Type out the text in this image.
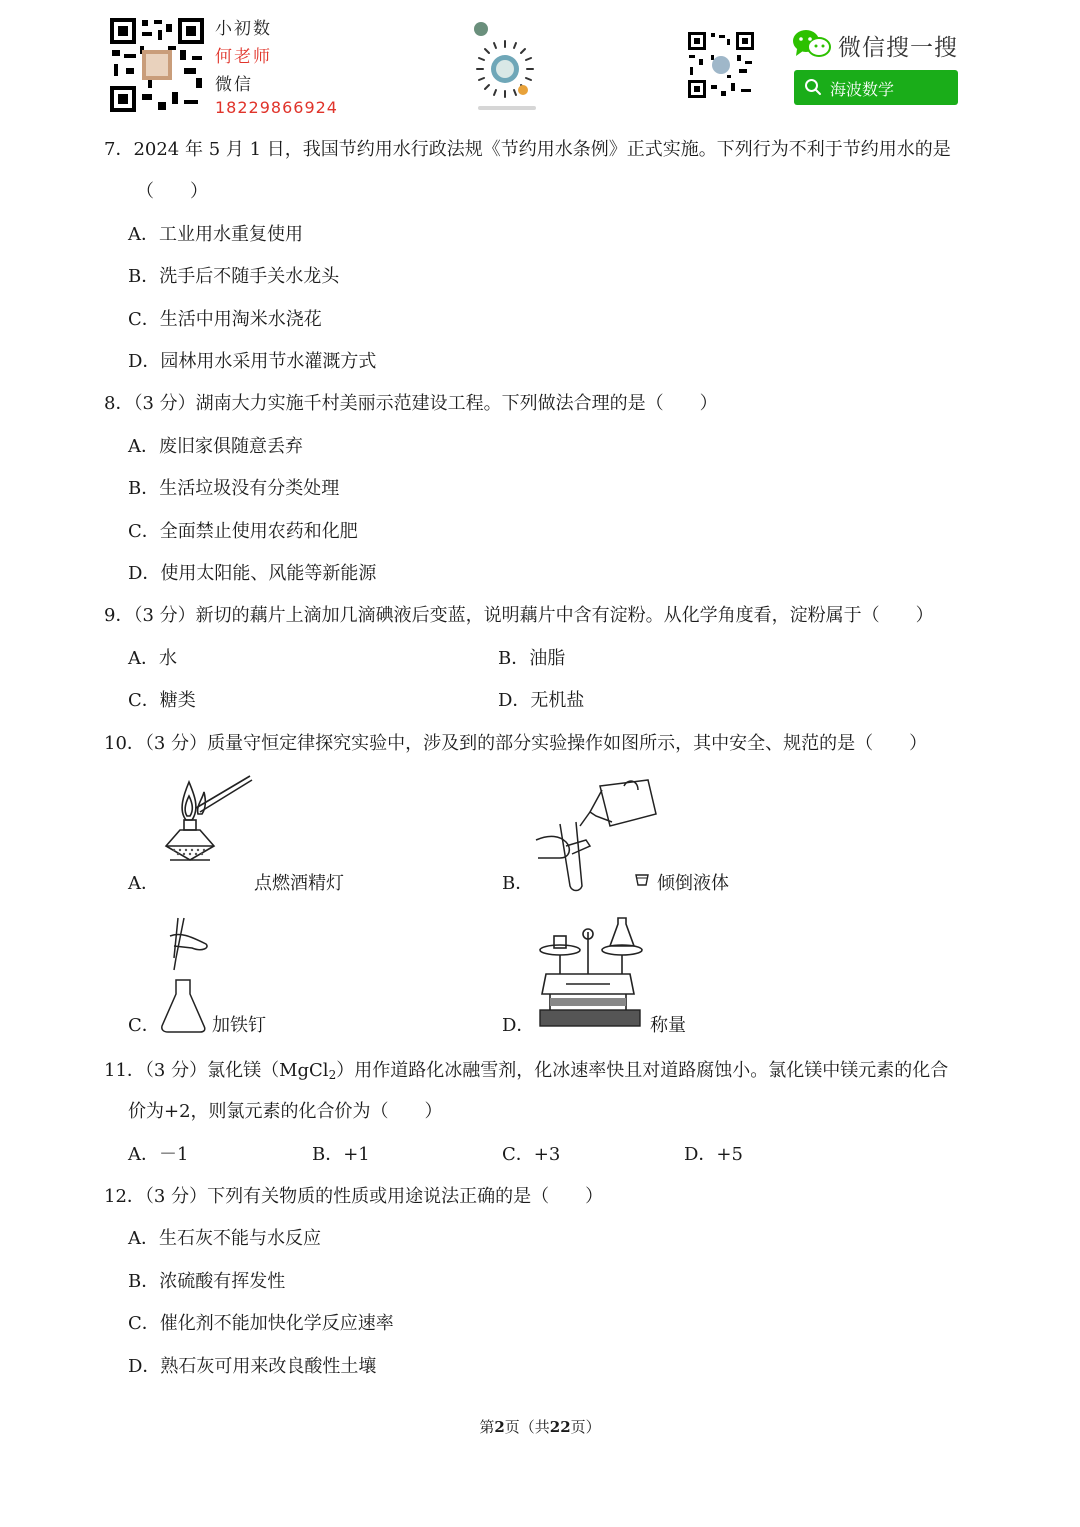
小初数
何老师
微信
18229866924
微信搜一搜
海波数学
7．2024 年 5 月 1 日，我国节约用水行政法规《节约用水条例》正式实施。下列行为不利于节约用水的是
（　　）
A．工业用水重复使用
B．洗手后不随手关水龙头
C．生活中用淘米水浇花
D．园林用水采用节水灌溉方式
8．（3 分）湖南大力实施千村美丽示范建设工程。下列做法合理的是（　　）
A．废旧家俱随意丢弃
B．生活垃圾没有分类处理
C．全面禁止使用农药和化肥
D．使用太阳能、风能等新能源
9．（3 分）新切的藕片上滴加几滴碘液后变蓝，说明藕片中含有淀粉。从化学角度看，淀粉属于（　　）
A．水	B．油脂
C．糖类	D．无机盐
10．（3 分）质量守恒定律探究实验中，涉及到的部分实验操作如图所示，其中安全、规范的是（　　）
A．	点燃酒精灯	B．	倾倒液体
C．	加铁钉	D．	称量
11．（3 分）氯化镁（MgCl$_2$）用作道路化冰融雪剂，化冰速率快且对道路腐蚀小。氯化镁中镁元素的化合
价为+2，则氯元素的化合价为（　　）
A．－1	B．+1	C．+3	D．+5
12．（3 分）下列有关物质的性质或用途说法正确的是（　　）
A．生石灰不能与水反应
B．浓硫酸有挥发性
C．催化剂不能加快化学反应速率
D．熟石灰可用来改良酸性土壤
第2页（共22页）
